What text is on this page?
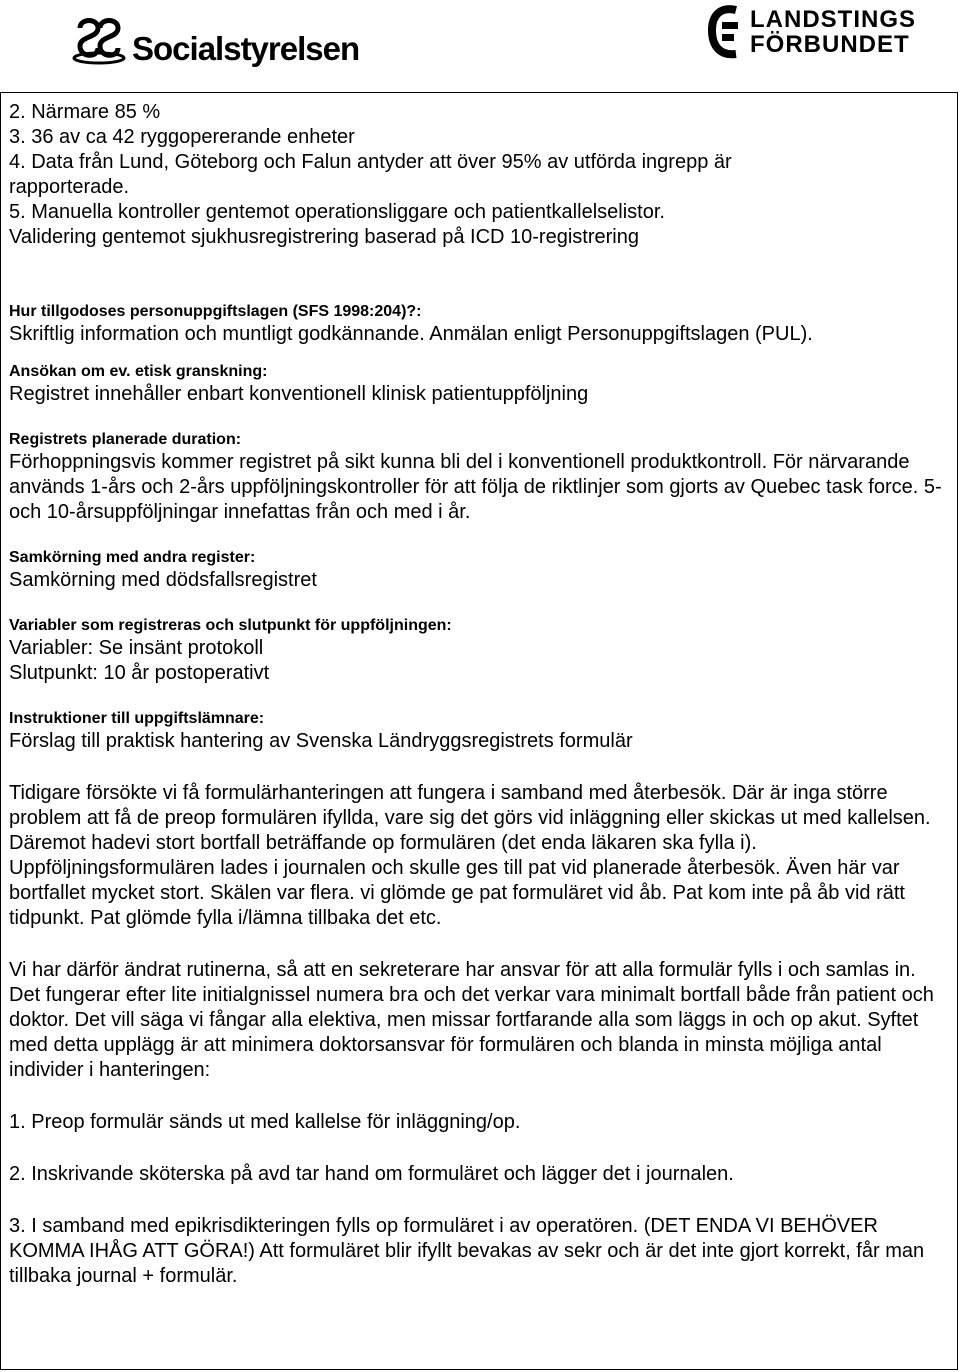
Socialstyrelsen
LANDSTINGS
FÖRBUNDET
2. Närmare 85 %
3. 36 av ca 42 ryggopererande enheter
4. Data från Lund, Göteborg och Falun antyder att över 95% av utförda ingrepp är
rapporterade.
5. Manuella kontroller gentemot operationsliggare och patientkallelselistor.
Validering gentemot sjukhusregistrering baserad på ICD 10-registrering
Hur tillgodoses personuppgiftslagen (SFS 1998:204)?:

Skriftlig information och muntligt godkännande. Anmälan enligt Personuppgiftslagen (PUL).

Ansökan om ev. etisk granskning:

Registret innehåller enbart konventionell klinisk patientuppföljning

Registrets planerade duration:

Förhoppningsvis kommer registret på sikt kunna bli del i konventionell produktkontroll. För närvarande används 1-års och 2-års uppföljningskontroller för att följa de riktlinjer som gjorts av Quebec task force. 5- och 10-årsuppföljningar innefattas från och med i år.

Samkörning med andra register:

Samkörning med dödsfallsregistret

Variabler som registreras och slutpunkt för uppföljningen:

Variabler: Se insänt protokoll

Slutpunkt: 10 år postoperativt

Instruktioner till uppgiftslämnare:

Förslag till praktisk hantering av Svenska Ländryggsregistrets formulär

Tidigare försökte vi få formulärhanteringen att fungera i samband med återbesök. Där är inga större problem att få de preop formulären ifyllda, vare sig det görs vid inläggning eller skickas ut med kallelsen. Däremot hadevi stort bortfall beträffande op formulären (det enda läkaren ska fylla i). Uppföljningsformulären lades i journalen och skulle ges till pat vid planerade återbesök. Även här var bortfallet mycket stort. Skälen var flera. vi glömde ge pat formuläret vid åb. Pat kom inte på åb vid rätt tidpunkt. Pat glömde fylla i/lämna tillbaka det etc.

Vi har därför ändrat rutinerna, så att en sekreterare har ansvar för att alla formulär fylls i och samlas in. Det fungerar efter lite initialgnissel numera bra och det verkar vara minimalt bortfall både från patient och doktor. Det vill säga vi fångar alla elektiva, men missar fortfarande alla som läggs in och op akut. Syftet med detta upplägg är att minimera doktorsansvar för formulären och blanda in minsta möjliga antal individer i hanteringen:

1. Preop formulär sänds ut med kallelse för inläggning/op.

2. Inskrivande sköterska på avd tar hand om formuläret och lägger det i journalen.

3. I samband med epikrisdikteringen fylls op formuläret i av operatören. (DET ENDA VI BEHÖVER KOMMA IHÅG ATT GÖRA!) Att formuläret blir ifyllt bevakas av sekr och är det inte gjort korrekt, får man tillbaka journal + formulär.
